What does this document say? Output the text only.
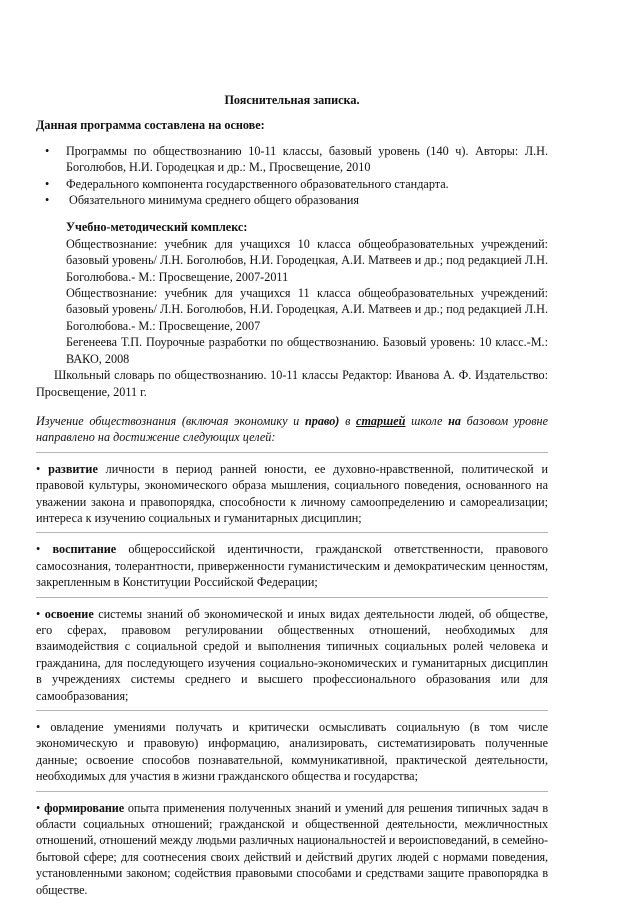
Пояснительная записка.

Данная программа составлена на основе:

• Программы по обществознанию 10-11 классы, базовый уровень (140 ч). Авторы: Л.Н. Боголюбов, Н.И. Городецкая и др.: М., Просвещение, 2010
• Федерального компонента государственного образовательного стандарта.
• Обязательного минимума среднего общего образования

Учебно-методический комплекс:

Обществознание: учебник для учащихся 10 класса общеобразовательных учреждений: базовый уровень/ Л.Н. Боголюбов, Н.И. Городецкая, А.И. Матвеев и др.; под редакцией Л.Н. Боголюбова.- М.: Просвещение, 2007-2011

Обществознание: учебник для учащихся 11 класса общеобразовательных учреждений: базовый уровень/ Л.Н. Боголюбов, Н.И. Городецкая, А.И. Матвеев и др.; под редакцией Л.Н. Боголюбова.- М.: Просвещение, 2007

Бегенеева Т.П. Поурочные разработки по обществознанию. Базовый уровень: 10 класс.-М.: ВАКО, 2008

Школьный словарь по обществознанию. 10-11 классы Редактор: Иванова А. Ф. Издательство: Просвещение, 2011 г.

Изучение обществознания (включая экономику и право) в старшей школе на базовом уровне направлено на достижение следующих целей:

• развитие личности в период ранней юности, ее духовно-нравственной, политической и правовой культуры, экономического образа мышления, социального поведения, основанного на уважении закона и правопорядка, способности к личному самоопределению и самореализации; интереса к изучению социальных и гуманитарных дисциплин;

• воспитание общероссийской идентичности, гражданской ответственности, правового самосознания, толерантности, приверженности гуманистическим и демократическим ценностям, закрепленным в Конституции Российской Федерации;

• освоение системы знаний об экономической и иных видах деятельности людей, об обществе, его сферах, правовом регулировании общественных отношений, необходимых для взаимодействия с социальной средой и выполнения типичных социальных ролей человека и гражданина, для последующего изучения социально-экономических и гуманитарных дисциплин в учреждениях системы среднего и высшего профессионального образования или для самообразования;

• овладение умениями получать и критически осмысливать социальную (в том числе экономическую и правовую) информацию, анализировать, систематизировать полученные данные; освоение способов познавательной, коммуникативной, практической деятельности, необходимых для участия в жизни гражданского общества и государства;

• формирование опыта применения полученных знаний и умений для решения типичных задач в области социальных отношений; гражданской и общественной деятельности, межличностных отношений, отношений между людьми различных национальностей и вероисповеданий, в семейно-бытовой сфере; для соотнесения своих действий и действий других людей с нормами поведения, установленными законом; содействия правовыми способами и средствами защите правопорядка в обществе.
